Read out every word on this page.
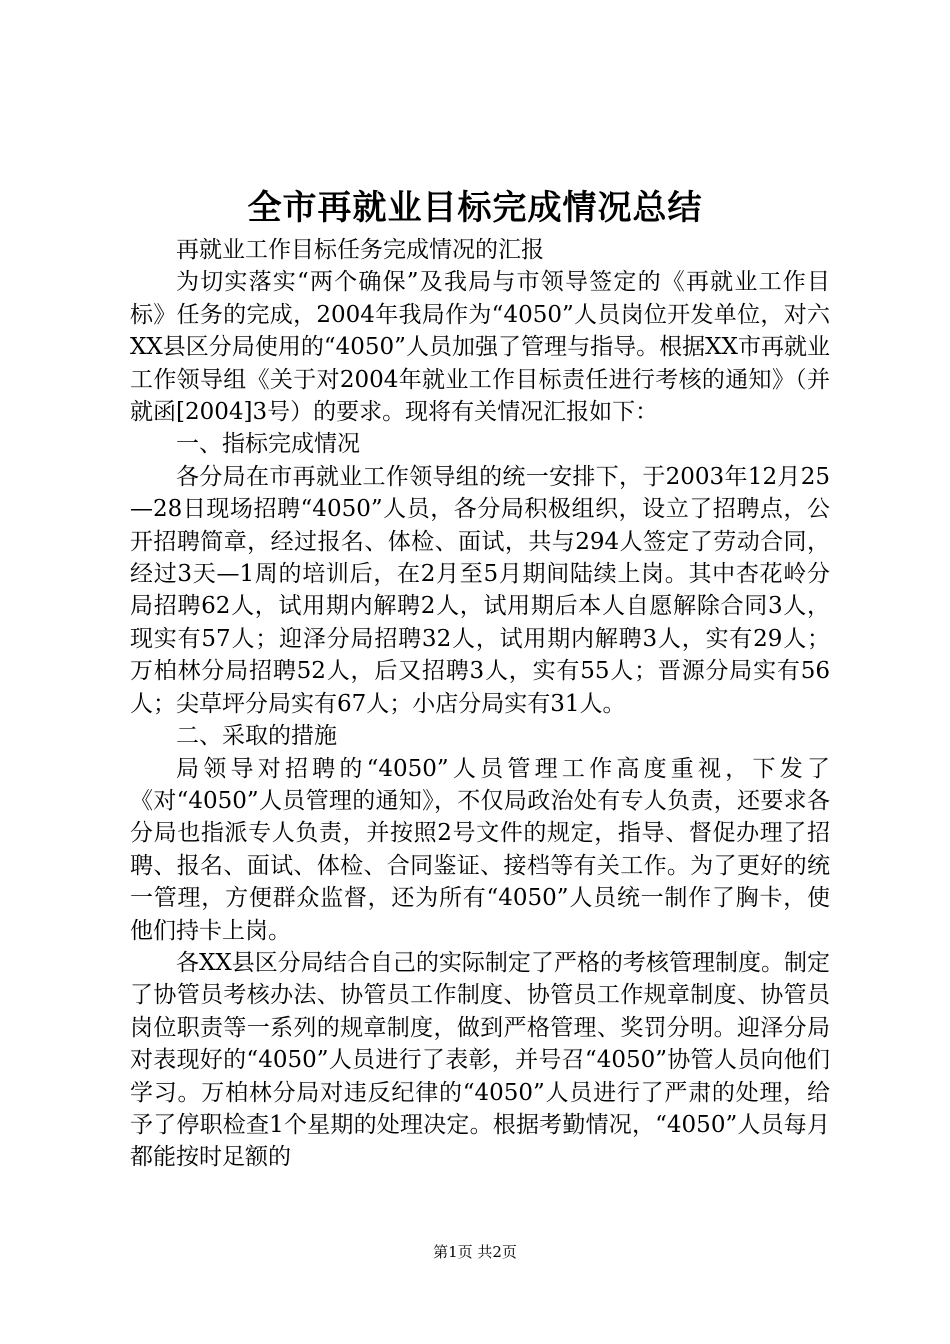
全市再就业目标完成情况总结

再就业工作目标任务完成情况的汇报

为切实落实“两个确保”及我局与市领导签定的《再就业工作目标》任务的完成，2004年我局作为“4050”人员岗位开发单位，对六XX县区分局使用的“4050”人员加强了管理与指导。根据XX市再就业工作领导组《关于对2004年就业工作目标责任进行考核的通知》（并就函[2004]3号）的要求。现将有关情况汇报如下：

一、指标完成情况

各分局在市再就业工作领导组的统一安排下，于2003年12月25—28日现场招聘“4050”人员，各分局积极组织，设立了招聘点，公开招聘简章，经过报名、体检、面试，共与294人签定了劳动合同，经过3天—1周的培训后，在2月至5月期间陆续上岗。其中杏花岭分局招聘62人，试用期内解聘2人，试用期后本人自愿解除合同3人，现实有57人；迎泽分局招聘32人，试用期内解聘3人，实有29人；万柏林分局招聘52人，后又招聘3人，实有55人；晋源分局实有56人；尖草坪分局实有67人；小店分局实有31人。

二、采取的措施

局领导对招聘的“4050”人员管理工作高度重视，下发了《对“4050”人员管理的通知》，不仅局政治处有专人负责，还要求各分局也指派专人负责，并按照2号文件的规定，指导、督促办理了招聘、报名、面试、体检、合同鉴证、接档等有关工作。为了更好的统一管理，方便群众监督，还为所有“4050”人员统一制作了胸卡，使他们持卡上岗。

各XX县区分局结合自己的实际制定了严格的考核管理制度。制定了协管员考核办法、协管员工作制度、协管员工作规章制度、协管员岗位职责等一系列的规章制度，做到严格管理、奖罚分明。迎泽分局对表现好的“4050”人员进行了表彰，并号召“4050”协管人员向他们学习。万柏林分局对违反纪律的“4050”人员进行了严肃的处理，给予了停职检查1个星期的处理决定。根据考勤情况，“4050”人员每月都能按时足额的

第1页 共2页
